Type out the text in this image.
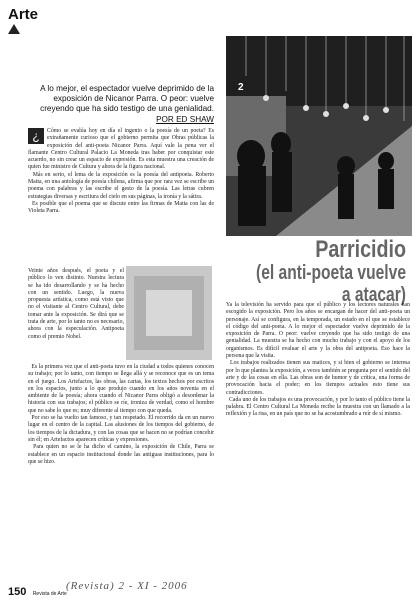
Arte
A lo mejor, el espectador vuelve deprimido de la exposición de Nicanor Parra. O peor: vuelve creyendo que ha sido testigo de una genialidad. POR ED SHAW
2
Parricidio
(el anti-poeta vuelve a atacar)
¿	Cómo se evalúa hoy en día el ingenio o la poesía de un poeta? Es extrañamente curioso que el gobierno permita que Obras públicas la exposición del anti-poeta Nicanor Parra. Aquí vale la pena ver el flamante Centro Cultural Palacio La Moneda tras haber por conquistar este acuerdo, no sin crear un espacio de expresión. Es esta muestra una creación de quien fue ministro de Cultura y ahora de la figura nacional.
Más en serio, el lema de la exposición es la poesía del antipoeta. Roberto Matta, en una antología de poesía chilena, afirma que por rara vez se escribe un poema con palabras y las escribe el gesto de la poesía. Las letras cubren estrategias diversas y escritura del cielo en sus páginas, la ironía y la sátira.
Es posible que el poema que se discute entre las firmas de Matta con las de Violeta Parra.
Veinte años después, el poeta y el público lo ven distinto. Nuestra lectura se ha ido desarrollando y se ha hecho con un sentido. Luego, la nueva propuesta artística, como está visto que no el visitante al Centro Cultural, debe tomar ante la exposición. Se dirá que se trata de arte, por lo tanto no es necesario, ahora con la especulación. Antipoeta como el premio Nobel.
Es la primera vez que el anti-poeta tuvo en la ciudad a todos quienes conocen su trabajo; por lo tanto, con tiempo se llega allá y se reconoce que es un tema en el juego. Los Artefactos, las obras, las cartas, los textos hechos por escritos en los espacios, junto a lo que produjo cuando en los años noventa en el ambiente de la poesía; ahora cuando el Nicanor Parra obligó a desordenar la historia con sus trabajos; el público se ríe, ironiza de verdad, como el hombre que no sabe lo que es; muy diferente al tiempo con que queda.
Por eso se ha vuelto tan famoso, y tan respetado. El recorrido da en un nuevo lugar en el centro de la capital. Las alusiones de los tiempos del gobierno, de los tiempos de la dictadura, y con las cosas que se hacen no se podrían concebir sin él; en Artefactos aparecen críticas y expresiones.
Para quien no se le ha dicho el camino, la exposición de Chile, Parra se establece en un espacio institucional donde las antiguas instituciones, para lo que se hizo.
Ya la televisión ha servido para que el público y los lectores naturales han escogido la exposición. Pero los años se encargan de hacer del anti-poeta un personaje. Así se configura, en la temporada, un estado en el que se establece el código del anti-poeta. A lo mejor el espectador vuelve deprimido de la exposición de Parra. O peor: vuelve creyendo que ha sido testigo de una genialidad. La muestra se ha hecho con mucho trabajo y con el apoyo de los organismos. Es difícil evaluar el arte y la obra del antipoeta. Eso hace la persona que la visita.
Los trabajos realizados tienen sus matices, y si bien el gobierno se interesa por lo que plantea la exposición, a veces también se pregunta por el sentido del arte y de las cosas en ella. Las obras son de humor y de crítica, una forma de provocación hacia el poder; en los tiempos actuales esto tiene sus contradicciones.
Cada uno de los trabajos es una provocación, y por lo tanto el público tiene la palabra. El Centro Cultural La Moneda recibe la muestra con un llamado a la reflexión y la risa, en un país que no se ha acostumbrado a reír de sí mismo.
150 Revista de Arte
(Revista) 2 - XI - 2006
